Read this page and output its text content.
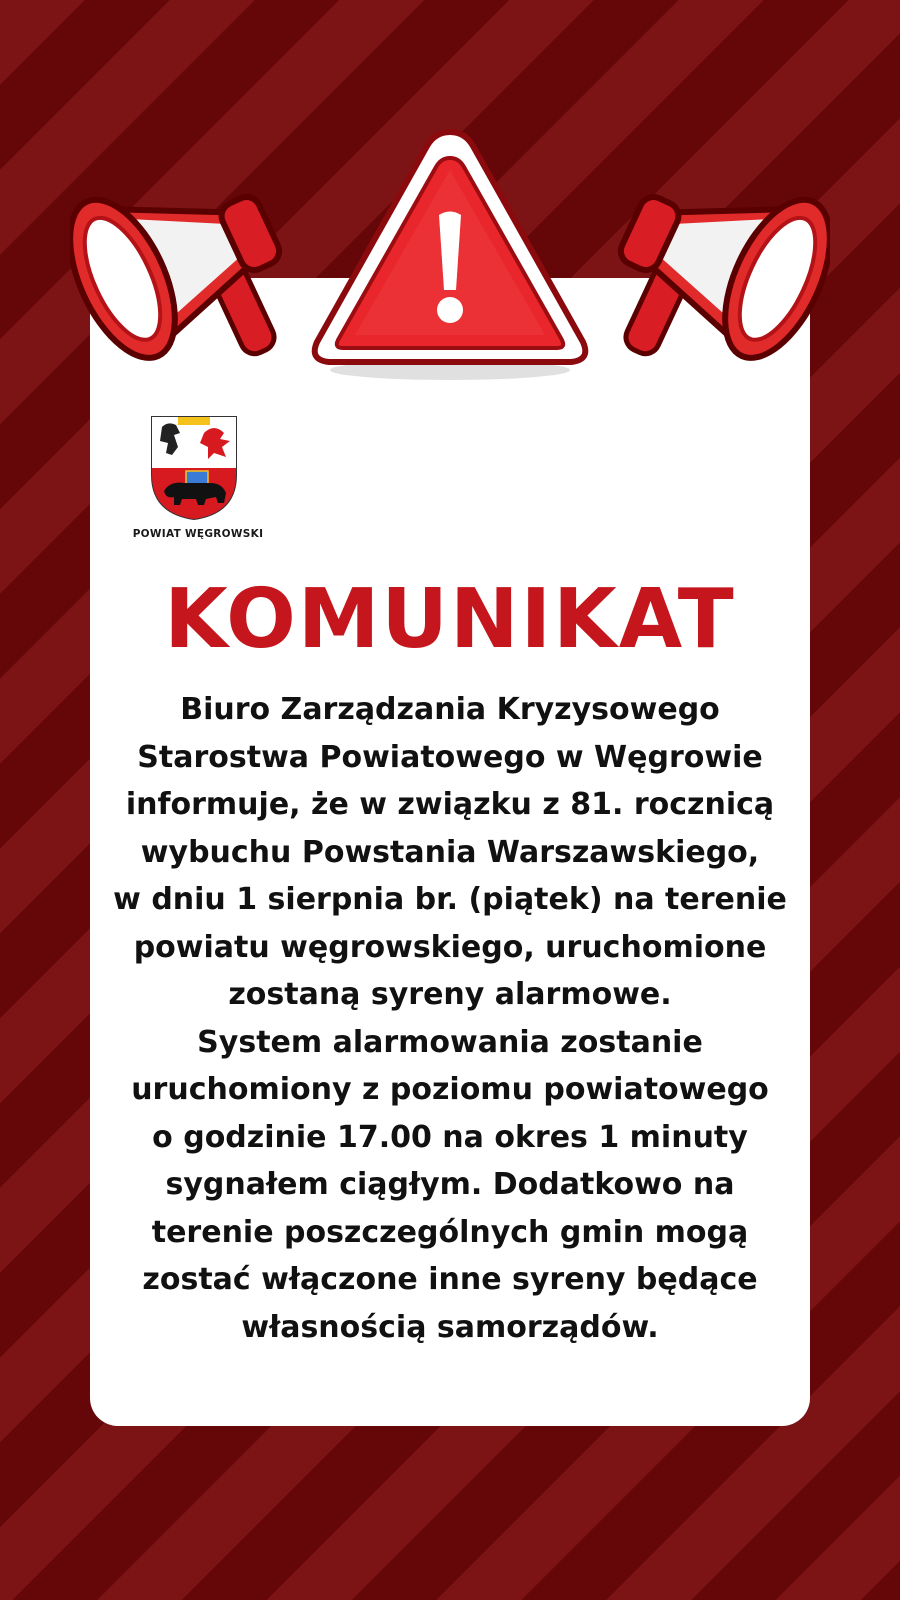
POWIAT WĘGROWSKI
KOMUNIKAT
Biuro Zarządzania Kryzysowego
Starostwa Powiatowego w Węgrowie
informuje, że w związku z 81. rocznicą
wybuchu Powstania Warszawskiego,
w dniu 1 sierpnia br. (piątek) na terenie
powiatu węgrowskiego, uruchomione
zostaną syreny alarmowe.
System alarmowania zostanie
uruchomiony z poziomu powiatowego
o godzinie 17.00 na okres 1 minuty
sygnałem ciągłym. Dodatkowo na
terenie poszczególnych gmin mogą
zostać włączone inne syreny będące
własnością samorządów.
